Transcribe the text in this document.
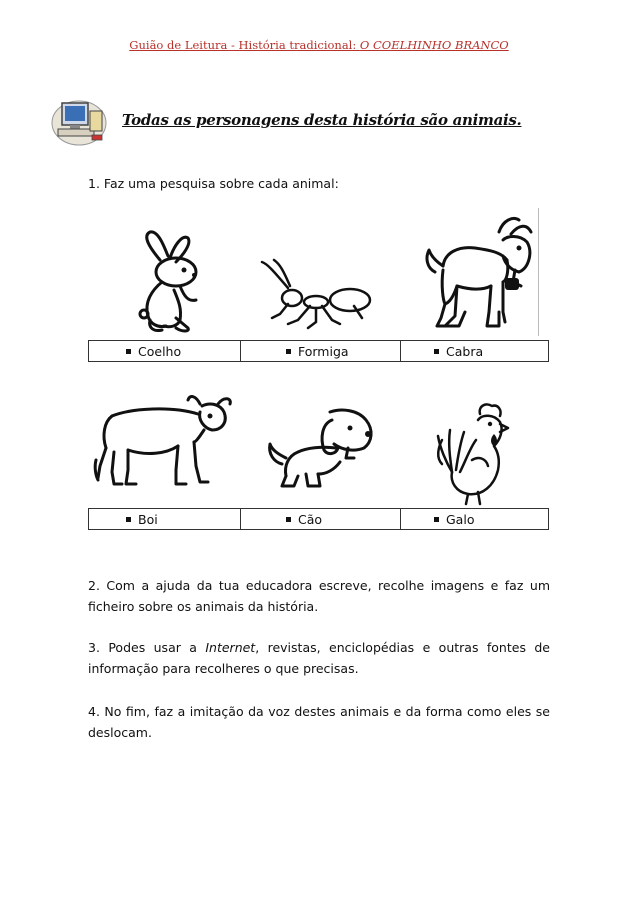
Guião de Leitura - História tradicional: O COELHINHO BRANCO
Todas as personagens desta história são animais.
1. Faz uma pesquisa sobre cada animal:
Coelho	Formiga	Cabra
Boi	Cão	Galo
2. Com a ajuda da tua educadora escreve, recolhe imagens e faz um ficheiro sobre os animais da história.
3. Podes usar a Internet, revistas, enciclopédias e outras fontes de informação para recolheres o que precisas.
4. No fim, faz a imitação da voz destes animais e da forma como eles se deslocam.
